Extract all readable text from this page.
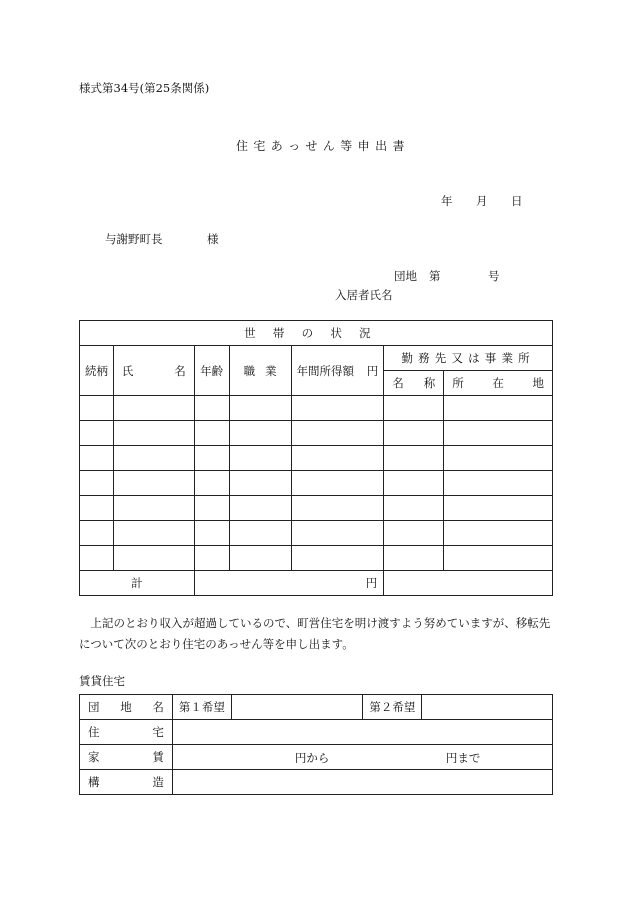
様式第34号(第25条関係)
住宅あっせん等申出書
年 月 日
与謝野町長	様
団地 第	号
入居者氏名
世帯の状況						
続柄	氏 名	年齢	職 業	年間所得額 円	勤務先又は事業所	

					名 称	所 在 地

計		円				
上記のとおり収入が超過しているので、町営住宅を明け渡すよう努めていますが、移転先について次のとおり住宅のあっせん等を申し出ます。
賃貸住宅
団 地 名	第１希望		第２希望	

住 宅				

家 賃	円から 円まで			

構 造				
